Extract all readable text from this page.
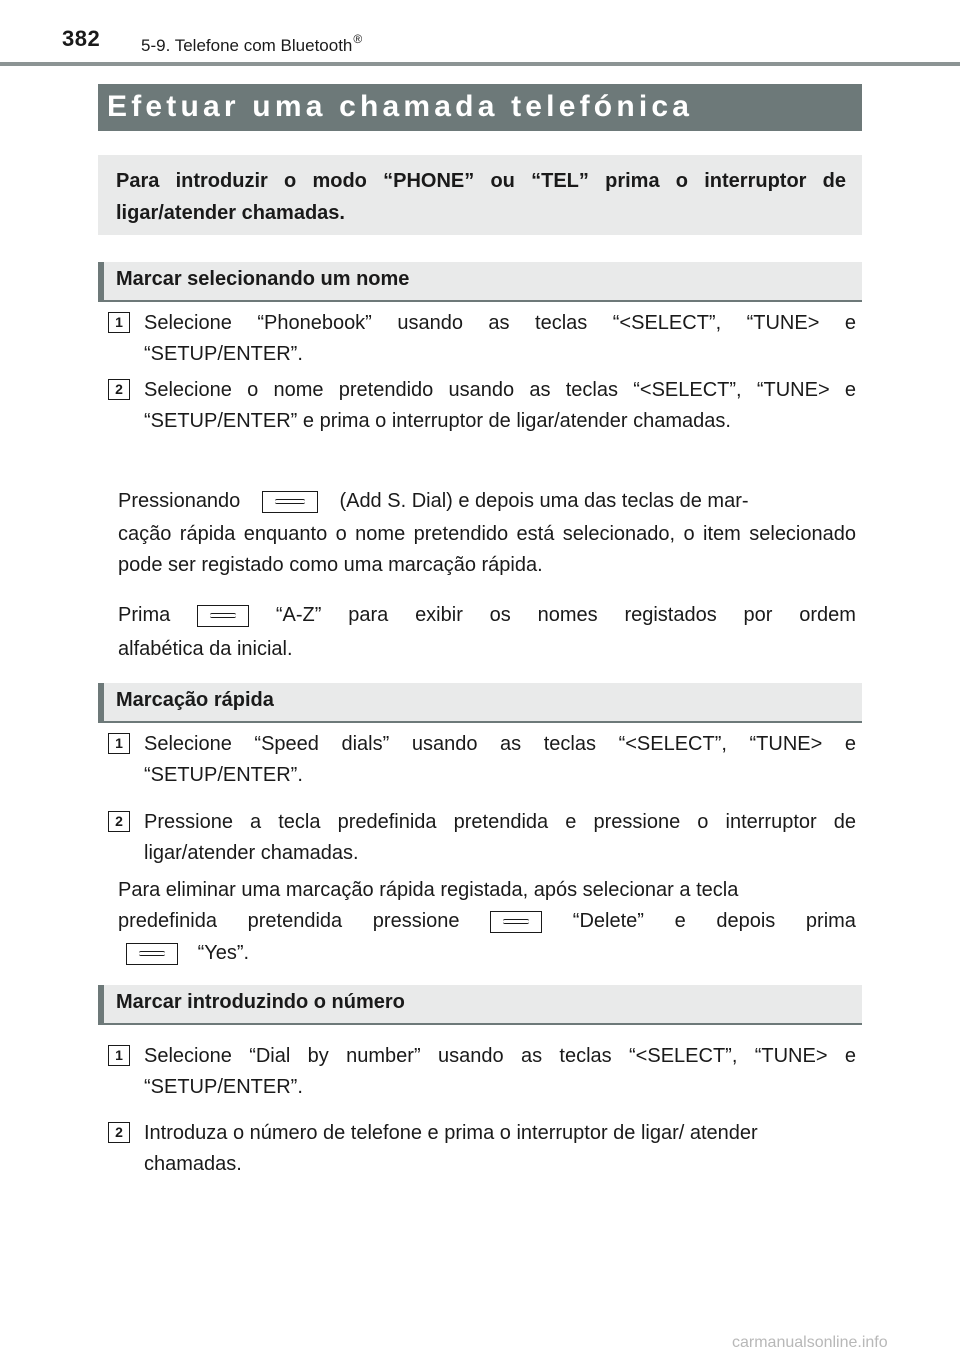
382 5-9. Telefone com Bluetooth®
Efetuar uma chamada telefónica
Para introduzir o modo “PHONE” ou “TEL” prima o interruptor de ligar/atender chamadas.
Marcar selecionando um nome
1	Selecione “Phonebook” usando as teclas “<SELECT”, “TUNE> e “SETUP/ENTER”.
2	Selecione o nome pretendido usando as teclas “<SELECT”, “TUNE> e “SETUP/ENTER” e prima o interruptor de ligar/atender chamadas.
Pressionando	(Add S. Dial) e depois uma das teclas de mar-
cação rápida enquanto o nome pretendido está selecionado, o item selecionado pode ser registado como uma marcação rápida.
Prima	“A-Z” para exibir os nomes registados por ordem
alfabética da inicial.
Marcação rápida
1	Selecione “Speed dials” usando as teclas “<SELECT”, “TUNE> e “SETUP/ENTER”.
2	Pressione a tecla predefinida pretendida e pressione o interruptor de ligar/atender chamadas.
Para eliminar uma marcação rápida registada, após selecionar a tecla
predefinida pretendida pressione	“Delete” e depois prima
“Yes”.
Marcar introduzindo o número
1	Selecione “Dial by number” usando as teclas “<SELECT”, “TUNE> e “SETUP/ENTER”.
2	Introduza o número de telefone e prima o interruptor de ligar/ atender chamadas.
carmanualsonline.info
